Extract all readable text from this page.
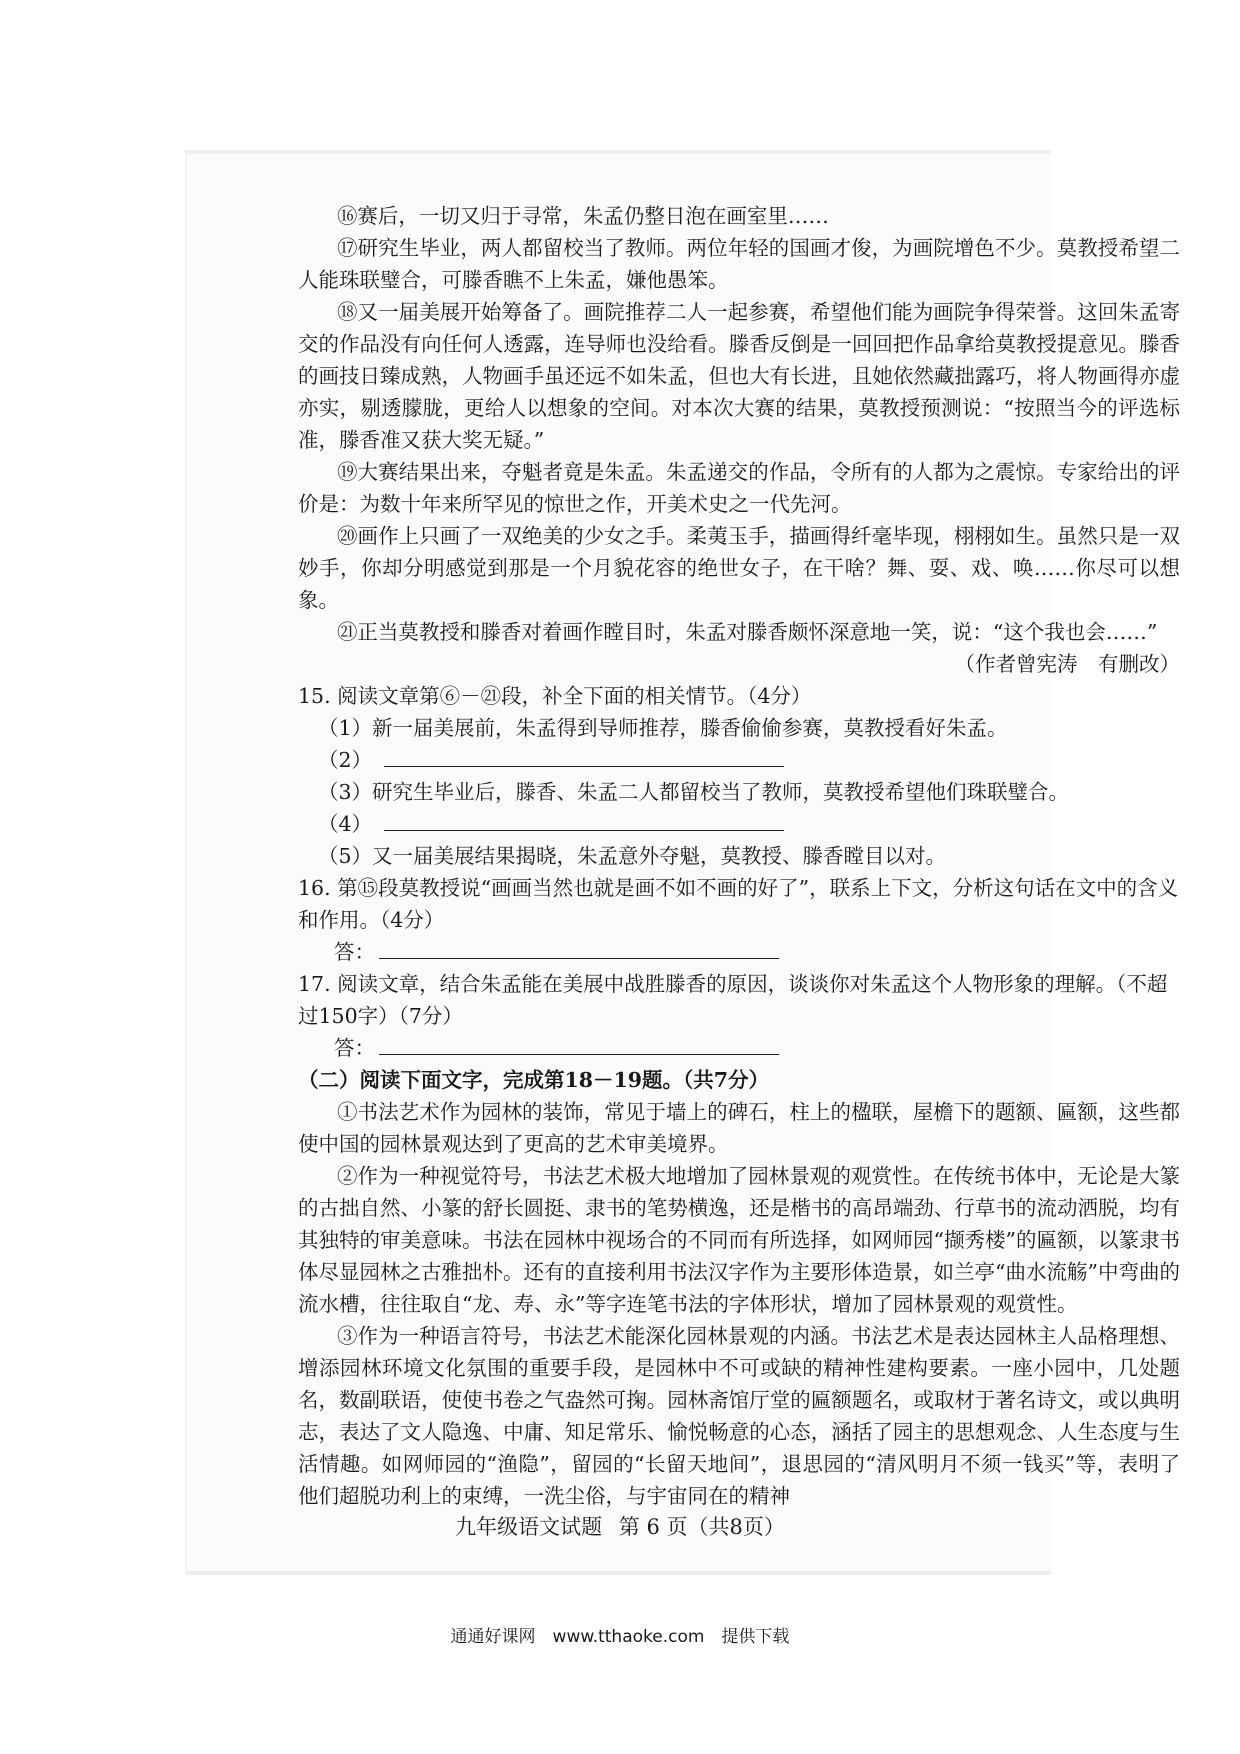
⑯赛后，一切又归于寻常，朱孟仍整日泡在画室里……

⑰研究生毕业，两人都留校当了教师。两位年轻的国画才俊，为画院增色不少。莫教授希望二人能珠联璧合，可滕香瞧不上朱孟，嫌他愚笨。

⑱又一届美展开始筹备了。画院推荐二人一起参赛，希望他们能为画院争得荣誉。这回朱孟寄交的作品没有向任何人透露，连导师也没给看。滕香反倒是一回回把作品拿给莫教授提意见。滕香的画技日臻成熟，人物画手虽还远不如朱孟，但也大有长进，且她依然藏拙露巧，将人物画得亦虚亦实，剔透朦胧，更给人以想象的空间。对本次大赛的结果，莫教授预测说：“按照当今的评选标准，滕香准又获大奖无疑。”

⑲大赛结果出来，夺魁者竟是朱孟。朱孟递交的作品，令所有的人都为之震惊。专家给出的评价是：为数十年来所罕见的惊世之作，开美术史之一代先河。

⑳画作上只画了一双绝美的少女之手。柔荑玉手，描画得纤毫毕现，栩栩如生。虽然只是一双妙手，你却分明感觉到那是一个月貌花容的绝世女子，在干啥？舞、耍、戏、唤……你尽可以想象。

㉑正当莫教授和滕香对着画作瞠目时，朱孟对滕香颇怀深意地一笑，说：“这个我也会……”

（作者曾宪涛　有删改）

15. 阅读文章第⑥－㉑段，补全下面的相关情节。（4分）

（1）新一届美展前，朱孟得到导师推荐，滕香偷偷参赛，莫教授看好朱孟。

（2）

（3）研究生毕业后，滕香、朱孟二人都留校当了教师，莫教授希望他们珠联璧合。

（4）

（5）又一届美展结果揭晓，朱孟意外夺魁，莫教授、滕香瞠目以对。

16. 第⑮段莫教授说“画画当然也就是画不如不画的好了”，联系上下文，分析这句话在文中的含义和作用。（4分）

答：

17. 阅读文章，结合朱孟能在美展中战胜滕香的原因，谈谈你对朱孟这个人物形象的理解。（不超过150字）（7分）

答：

（二）阅读下面文字，完成第18－19题。（共7分）

①书法艺术作为园林的装饰，常见于墙上的碑石，柱上的楹联，屋檐下的题额、匾额，这些都使中国的园林景观达到了更高的艺术审美境界。

②作为一种视觉符号，书法艺术极大地增加了园林景观的观赏性。在传统书体中，无论是大篆的古拙自然、小篆的舒长圆挺、隶书的笔势横逸，还是楷书的高昂端劲、行草书的流动洒脱，均有其独特的审美意味。书法在园林中视场合的不同而有所选择，如网师园“撷秀楼”的匾额，以篆隶书体尽显园林之古雅拙朴。还有的直接利用书法汉字作为主要形体造景，如兰亭“曲水流觞”中弯曲的流水槽，往往取自“龙、寿、永”等字连笔书法的字体形状，增加了园林景观的观赏性。

③作为一种语言符号，书法艺术能深化园林景观的内涵。书法艺术是表达园林主人品格理想、增添园林环境文化氛围的重要手段，是园林中不可或缺的精神性建构要素。一座小园中，几处题名，数副联语，使使书卷之气盎然可掬。园林斋馆厅堂的匾额题名，或取材于著名诗文，或以典明志，表达了文人隐逸、中庸、知足常乐、愉悦畅意的心态，涵括了园主的思想观念、人生态度与生活情趣。如网师园的“渔隐”，留园的“长留天地间”，退思园的“清风明月不须一钱买”等，表明了他们超脱功利上的束缚，一洗尘俗，与宇宙同在的精神

九年级语文试题 第 6 页（共8页）
通通好课网　www.tthaoke.com　提供下载
